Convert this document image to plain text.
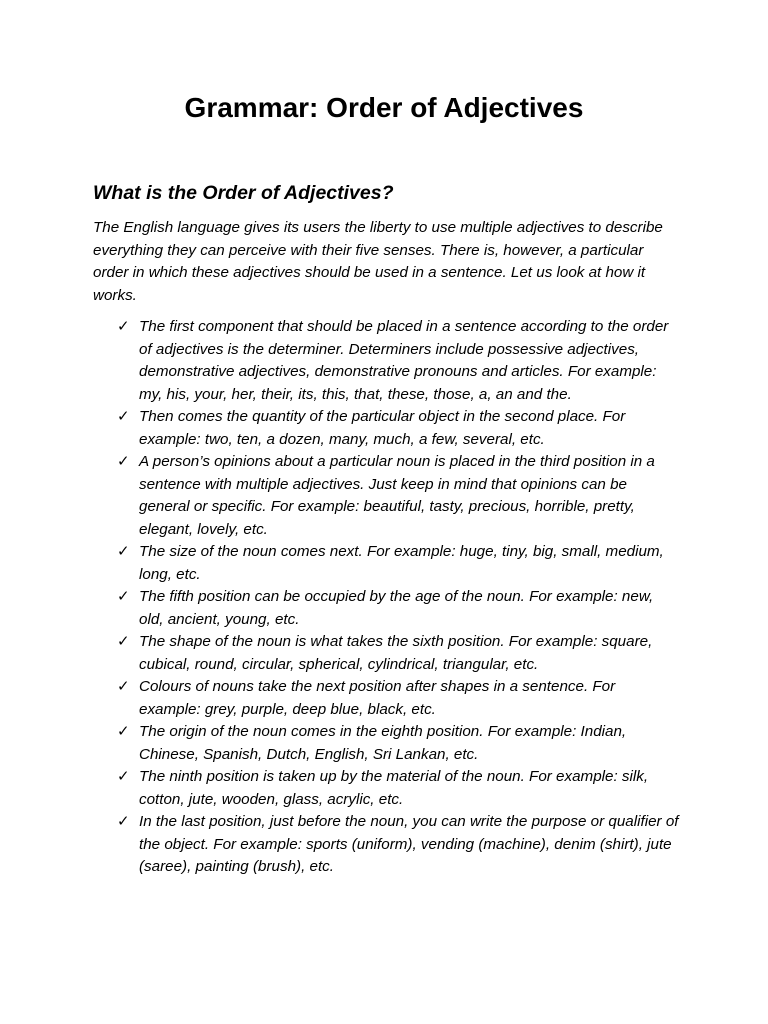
Grammar: Order of Adjectives
What is the Order of Adjectives?

The English language gives its users the liberty to use multiple adjectives to describe everything they can perceive with their five senses. There is, however, a particular order in which these adjectives should be used in a sentence. Let us look at how it works.

✓ The first component that should be placed in a sentence according to the order of adjectives is the determiner. Determiners include possessive adjectives, demonstrative adjectives, demonstrative pronouns and articles. For example: my, his, your, her, their, its, this, that, these, those, a, an and the.
✓ Then comes the quantity of the particular object in the second place. For example: two, ten, a dozen, many, much, a few, several, etc.
✓ A person’s opinions about a particular noun is placed in the third position in a sentence with multiple adjectives. Just keep in mind that opinions can be general or specific. For example: beautiful, tasty, precious, horrible, pretty, elegant, lovely, etc.
✓ The size of the noun comes next. For example: huge, tiny, big, small, medium, long, etc.
✓ The fifth position can be occupied by the age of the noun. For example: new, old, ancient, young, etc.
✓ The shape of the noun is what takes the sixth position. For example: square, cubical, round, circular, spherical, cylindrical, triangular, etc.
✓ Colours of nouns take the next position after shapes in a sentence. For example: grey, purple, deep blue, black, etc.
✓ The origin of the noun comes in the eighth position. For example: Indian, Chinese, Spanish, Dutch, English, Sri Lankan, etc.
✓ The ninth position is taken up by the material of the noun. For example: silk, cotton, jute, wooden, glass, acrylic, etc.
✓ In the last position, just before the noun, you can write the purpose or qualifier of the object. For example: sports (uniform), vending (machine), denim (shirt), jute (saree), painting (brush), etc.
